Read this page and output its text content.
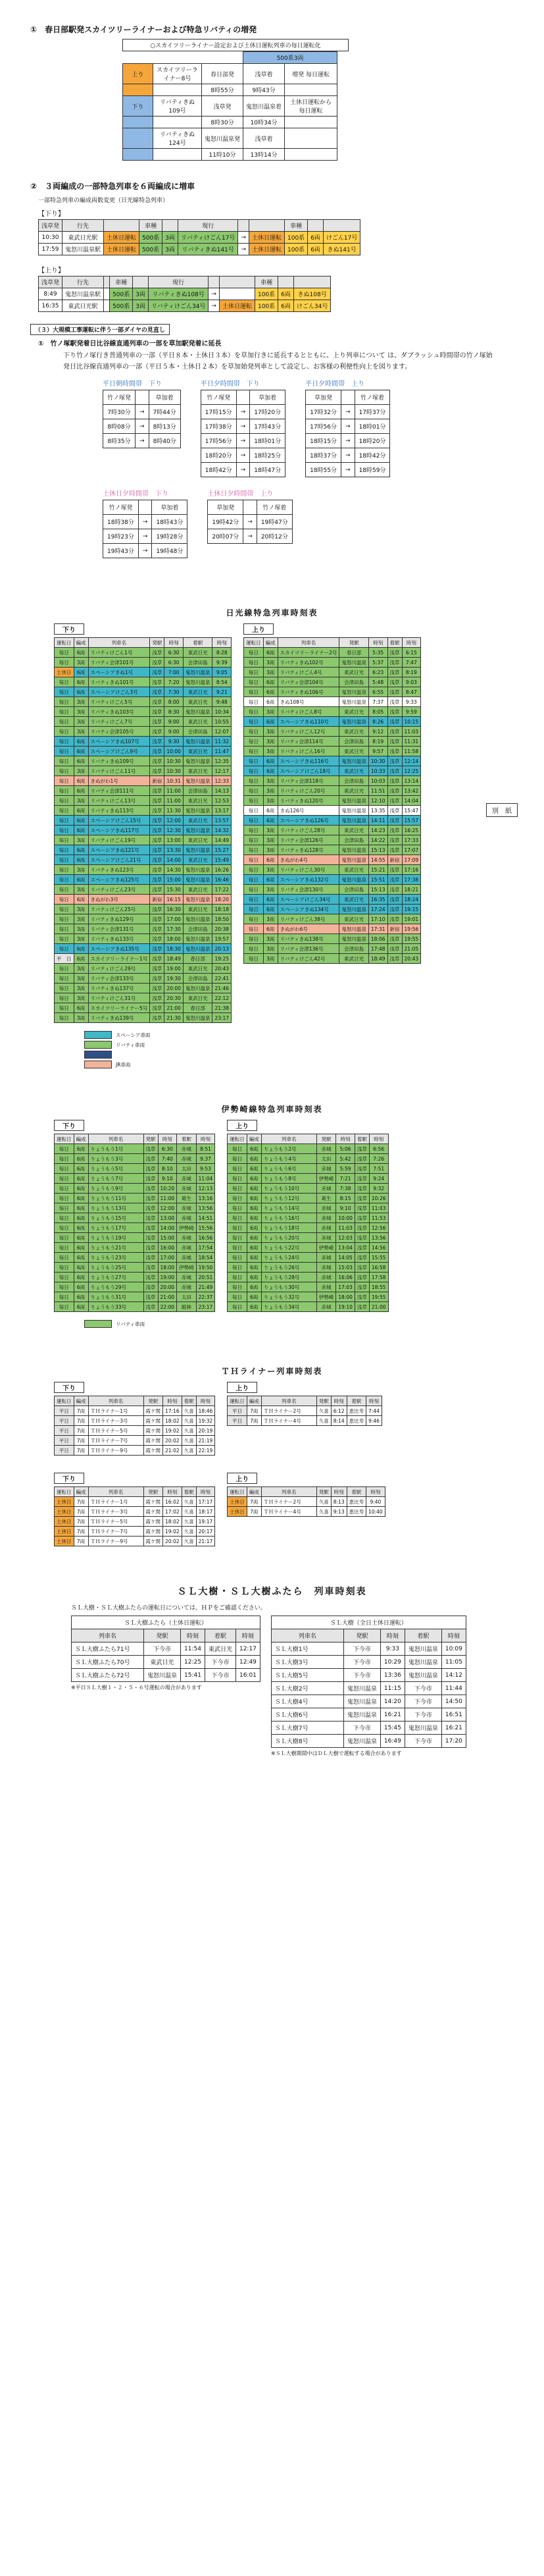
①　春日部駅発スカイツリーライナーおよび特急リバティの増発
○スカイツリーライナー設定および土休日運転列車の毎日運転化
			500系3両		
上り	スカイツリーライナー8号	春日部発	浅草着	増発 毎日運転	
		8時55分	9時43分		
下り	リバティきぬ109号	浅草発	鬼怒川温泉着	土休日運転から毎日運転	
		8時30分	10時34分		
	リバティきぬ124号	鬼怒川温泉発	浅草着		
		11時10分	13時14分		
②　３両編成の一部特急列車を６両編成に増車
一部特急列車の編成両数変更（日光線特急列車）
【下り】
浅草発	行先		車種		現行			車種		
10:30	東武日光駅	土休日運転	500系	3両	リバティけごん17号	→	土休日運転	100系	6両	けごん17号
17:59	鬼怒川温泉駅	土休日運転	500系	3両	リバティきぬ141号	→	土休日運転	100系	6両	きぬ141号
【上り】
浅草発	行先		車種		現行			車種		
8:49	鬼怒川温泉駅		500系	3両	リバティきぬ108号	→		100系	6両	きぬ108号
16:35	東武日光駅		500系	3両	リバティけごん34号	→	土休日運転	100系	6両	けごん34号
（３）大規模工事運転に伴う一部ダイヤの見直し
①　竹ノ塚駅発着日比谷線直通列車の一部を草加駅発着に延長
下り竹ノ塚行き普通列車の一部（平日８本・土休日３本）を草加行きに延長するとともに、上り列車について は、ダブラッシュ時間帯の竹ノ塚始発日比谷線直通列車の一部（平日５本・土休日２本）を草加始発列車として設定し、お客様の利便性向上を図ります。
平日朝時間帯　下り
竹ノ塚発		草加着
7時30分	→	7時44分
8時08分	→	8時13分
8時35分	→	8時40分
平日夕時間帯　下り
竹ノ塚発		草加着
17時15分	→	17時20分
17時38分	→	17時43分
17時56分	→	18時01分
18時20分	→	18時25分
18時42分	→	18時47分
平日夕時間帯　上り
草加発		竹ノ塚着
17時32分	→	17時37分
17時56分	→	18時01分
18時15分	→	18時20分
18時37分	→	18時42分
18時55分	→	18時59分
土休日夕時間帯　下り
竹ノ塚発		草加着
18時38分	→	18時43分
19時23分	→	19時28分
19時43分	→	19時48分
土休日夕時間帯　上り
草加発		竹ノ塚着
19時42分	→	19時47分
20時07分	→	20時12分
別　紙
日光線特急列車時刻表
下り
運転日	編成	列車名	発駅	時刻	着駅	時刻
毎日	6両	リバティけごん1号	浅草	6:30	東武日光	8:28
毎日	3両	リバティ会津101号	浅草	6:30	会津田島	9:39
土休日	6両	スペーシアきぬ1号	浅草	7:00	鬼怒川温泉	9:05
毎日	6両	リバティきぬ101号	浅草	7:20	鬼怒川温泉	8:54
毎日	6両	スペーシアけごん3号	浅草	7:30	東武日光	9:21
毎日	3両	リバティけごん5号	浅草	8:00	東武日光	9:48
毎日	3両	リバティきぬ103号	浅草	8:30	鬼怒川温泉	10:34
毎日	3両	リバティけごん7号	浅草	9:00	東武日光	10:55
毎日	3両	リバティ会津105号	浅草	9:00	会津田島	12:07
毎日	6両	スペーシアきぬ107号	浅草	9:30	鬼怒川温泉	11:32
毎日	6両	スペーシアけごん9号	浅草	10:00	東武日光	11:47
毎日	6両	リバティきぬ109号	浅草	10:30	鬼怒川温泉	12:35
毎日	3両	リバティけごん11号	浅草	10:30	東武日光	12:17
毎日	6両	きぬがわ1号	新宿	10:31	鬼怒川温泉	12:33
毎日	6両	リバティ会津111号	浅草	11:00	会津田島	14:13
毎日	3両	リバティけごん13号	浅草	11:00	東武日光	12:53
毎日	6両	リバティきぬ113号	浅草	11:30	鬼怒川温泉	13:17
毎日	6両	スペーシアけごん15号	浅草	12:00	東武日光	13:57
毎日	6両	スペーシアきぬ117号	浅草	12:30	鬼怒川温泉	14:32
毎日	3両	リバティけごん19号	浅草	13:00	東武日光	14:49
毎日	6両	スペーシアきぬ121号	浅草	13:30	鬼怒川温泉	15:27
毎日	6両	スペーシアけごん21号	浅草	14:00	東武日光	15:49
毎日	3両	リバティきぬ123号	浅草	14:30	鬼怒川温泉	16:26
毎日	6両	スペーシアきぬ125号	浅草	15:00	鬼怒川温泉	16:46
毎日	3両	リバティけごん23号	浅草	15:30	東武日光	17:22
毎日	6両	きぬがわ3号	新宿	16:15	鬼怒川温泉	18:20
毎日	3両	リバティけごん25号	浅草	16:30	東武日光	18:18
毎日	3両	リバティきぬ129号	浅草	17:00	鬼怒川温泉	18:50
毎日	3両	リバティ会津131号	浅草	17:30	会津田島	20:38
毎日	3両	リバティきぬ133号	浅草	18:00	鬼怒川温泉	19:57
毎日	6両	スペーシアきぬ135号	浅草	18:30	鬼怒川温泉	20:13
平　日	6両	スカイツリーライナー1号	浅草	18:49	春日部	19:25
毎日	3両	リバティけごん29号	浅草	19:00	東武日光	20:43
毎日	3両	リバティ会津133号	浅草	19:30	会津田島	22:41
毎日	3両	リバティきぬ137号	浅草	20:00	鬼怒川温泉	21:46
毎日	3両	リバティけごん31号	浅草	20:30	東武日光	22:12
毎日	6両	スカイツリーライナー5号	浅草	21:00	春日部	21:38
毎日	3両	リバティきぬ139号	浅草	21:30	鬼怒川温泉	23:17
上り
運転日	編成	列車名	発駅	時刻	着駅	時刻
毎日	6両	スカイツリーライナー2号	春日部	5:35	浅草	6:15
毎日	3両	リバティきぬ102号	鬼怒川温泉	5:37	浅草	7:47
毎日	3両	リバティけごん4号	東武日光	6:23	浅草	8:19
毎日	6両	リバティ会津104号	会津田島	5:48	浅草	9:03
毎日	6両	リバティきぬ106号	鬼怒川温泉	6:55	浅草	8:47
毎日	6両	きぬ108号	鬼怒川温泉	7:37	浅草	9:33
毎日	3両	リバティけごん8号	東武日光	8:05	浅草	9:59
毎日	6両	スペーシアきぬ110号	鬼怒川温泉	8:26	浅草	10:15
毎日	3両	リバティけごん12号	東武日光	9:12	浅草	11:03
毎日	3両	リバティ会津114号	会津田島	8:19	浅草	11:31
毎日	3両	リバティけごん16号	東武日光	9:57	浅草	11:58
毎日	6両	スペーシアきぬ116号	鬼怒川温泉	10:30	浅草	12:14
毎日	6両	スペーシアけごん18号	東武日光	10:33	浅草	12:25
毎日	3両	リバティ会津118号	会津田島	10:03	浅草	13:14
毎日	3両	リバティけごん20号	東武日光	11:51	浅草	13:42
毎日	3両	リバティきぬ120号	鬼怒川温泉	12:10	浅草	14:04
毎日	6両	きぬ126号	鬼怒川温泉	13:35	浅草	15:47
毎日	6両	スペーシアきぬ126号	鬼怒川温泉	14:11	浅草	15:57
毎日	3両	リバティけごん28号	東武日光	14:23	浅草	16:25
毎日	3両	リバティ会津126号	会津田島	14:22	浅草	17:33
毎日	3両	リバティきぬ128号	鬼怒川温泉	15:13	浅草	17:07
毎日	6両	きぬがわ4号	鬼怒川温泉	14:55	新宿	17:09
毎日	3両	リバティけごん30号	東武日光	15:21	浅草	17:16
毎日	6両	スペーシアきぬ132号	鬼怒川温泉	15:51	浅草	17:38
毎日	3両	リバティ会津130号	会津田島	15:13	浅草	18:21
毎日	6両	スペーシアけごん34号	東武日光	16:35	浅草	18:24
毎日	6両	スペーシアきぬ134号	鬼怒川温泉	17:24	浅草	19:15
毎日	3両	リバティけごん38号	東武日光	17:10	浅草	19:01
毎日	6両	きぬがわ6号	鬼怒川温泉	17:31	新宿	19:56
毎日	3両	リバティきぬ138号	鬼怒川温泉	18:06	浅草	19:55
毎日	3両	リバティ会津136号	会津田島	17:48	浅草	21:05
毎日	3両	リバティけごん42号	東武日光	18:49	浅草	20:43
スペーシア車両
リバティ車両
JR車両
伊勢崎線特急列車時刻表
下り
運転日	編成	列車名	発駅	時刻	着駅	時刻
毎日	6両	りょうもう1号	浅草	6:30	赤城	8:51
毎日	6両	りょうもう3号	浅草	7:40	赤城	9:37
毎日	6両	りょうもう5号	浅草	8:10	太田	9:53
毎日	6両	りょうもう7号	浅草	9:10	赤城	11:04
毎日	6両	りょうもう9号	浅草	10:20	赤城	12:13
毎日	6両	りょうもう11号	浅草	11:00	葛生	13:16
毎日	6両	りょうもう13号	浅草	12:00	赤城	13:56
毎日	6両	りょうもう15号	浅草	13:00	赤城	14:51
毎日	6両	りょうもう17号	浅草	14:00	伊勢崎	15:56
毎日	6両	りょうもう19号	浅草	15:00	赤城	16:56
毎日	6両	りょうもう21号	浅草	16:00	赤城	17:54
毎日	6両	りょうもう23号	浅草	17:00	赤城	18:54
毎日	6両	りょうもう25号	浅草	18:00	伊勢崎	19:50
毎日	6両	りょうもう27号	浅草	19:00	赤城	20:51
毎日	6両	りょうもう29号	浅草	20:00	赤城	21:49
毎日	6両	りょうもう31号	浅草	21:00	太田	22:37
毎日	6両	りょうもう33号	浅草	22:00	館林	23:17
上り
運転日	編成	列車名	発駅	時刻	着駅	時刻
毎日	6両	りょうもう2号	赤城	5:06	浅草	6:56
毎日	6両	りょうもう4号	太田	5:42	浅草	7:26
毎日	6両	りょうもう6号	赤城	5:59	浅草	7:51
毎日	6両	りょうもう8号	伊勢崎	7:21	浅草	9:24
毎日	6両	りょうもう10号	赤城	7:38	浅草	9:32
毎日	6両	りょうもう12号	葛生	8:15	浅草	10:26
毎日	6両	りょうもう14号	赤城	9:10	浅草	11:03
毎日	6両	りょうもう16号	赤城	10:00	浅草	11:53
毎日	6両	りょうもう18号	赤城	11:03	浅草	12:56
毎日	6両	りょうもう20号	赤城	12:03	浅草	13:56
毎日	6両	りょうもう22号	伊勢崎	13:04	浅草	14:56
毎日	6両	りょうもう24号	赤城	14:05	浅草	15:55
毎日	6両	りょうもう26号	赤城	15:03	浅草	16:58
毎日	6両	りょうもう28号	赤城	16:06	浅草	17:58
毎日	6両	りょうもう30号	赤城	17:03	浅草	18:55
毎日	6両	りょうもう32号	伊勢崎	18:00	浅草	19:55
毎日	6両	りょうもう34号	赤城	19:10	浅草	21:00
リバティ車両
ＴＨライナー列車時刻表
下り
運転日	編成	列車名	発駅	時刻	着駅	時刻
平日	7両	ＴＨライナー1号	霞ケ関	17:16	久喜	18:46
平日	7両	ＴＨライナー3号	霞ケ関	18:02	久喜	19:32
平日	7両	ＴＨライナー5号	霞ケ関	19:02	久喜	20:19
平日	7両	ＴＨライナー7号	霞ケ関	20:02	久喜	21:19
平日	7両	ＴＨライナー9号	霞ケ関	21:02	久喜	22:19
上り
運転日	編成	列車名	発駅	時刻	着駅	時刻
平日	7両	ＴＨライナー2号	久喜	6:12	恵比寿	7:44
平日	7両	ＴＨライナー4号	久喜	8:14	恵比寿	9:46
下り
運転日	編成	列車名	発駅	時刻	着駅	時刻
土休日	7両	ＴＨライナー1号	霞ケ関	16:02	久喜	17:17
土休日	7両	ＴＨライナー3号	霞ケ関	17:02	久喜	18:17
土休日	7両	ＴＨライナー5号	霞ケ関	18:02	久喜	19:17
土休日	7両	ＴＨライナー7号	霞ケ関	19:02	久喜	20:17
土休日	7両	ＴＨライナー9号	霞ケ関	20:02	久喜	21:17
上り
運転日	編成	列車名	発駅	時刻	着駅	時刻
土休日	7両	ＴＨライナー2号	久喜	8:13	恵比寿	9:40
土休日	7両	ＴＨライナー4号	久喜	9:13	恵比寿	10:40
ＳＬ大樹・ＳＬ大樹ふたら　列車時刻表
ＳＬ大樹・ＳＬ大樹ふたらの運転日については、ＨＰをご確認ください。
ＳＬ大樹ふたら（土休日運転）
列車名	発駅	時刻	着駅	時刻
ＳＬ大樹ふたら71号	下今市	11:54	東武日光	12:17
ＳＬ大樹ふたら70号	東武日光	12:25	下今市	12:49
ＳＬ大樹ふたら72号	鬼怒川温泉	15:41	下今市	16:01
※平日ＳＬ大樹１・２・５・６号運転の場合があります
ＳＬ大樹（全日土休日運転）
列車名	発駅	時刻	着駅	時刻
ＳＬ大樹1号	下今市	9:33	鬼怒川温泉	10:09
ＳＬ大樹3号	下今市	10:29	鬼怒川温泉	11:05
ＳＬ大樹5号	下今市	13:36	鬼怒川温泉	14:12
ＳＬ大樹2号	鬼怒川温泉	11:15	下今市	11:44
ＳＬ大樹4号	鬼怒川温泉	14:20	下今市	14:50
ＳＬ大樹6号	鬼怒川温泉	16:21	下今市	16:51
ＳＬ大樹7号	下今市	15:45	鬼怒川温泉	16:21
ＳＬ大樹8号	鬼怒川温泉	16:49	下今市	17:20
※ＳＬ大樹期間中はＤＬ大樹で運転する場合があります
